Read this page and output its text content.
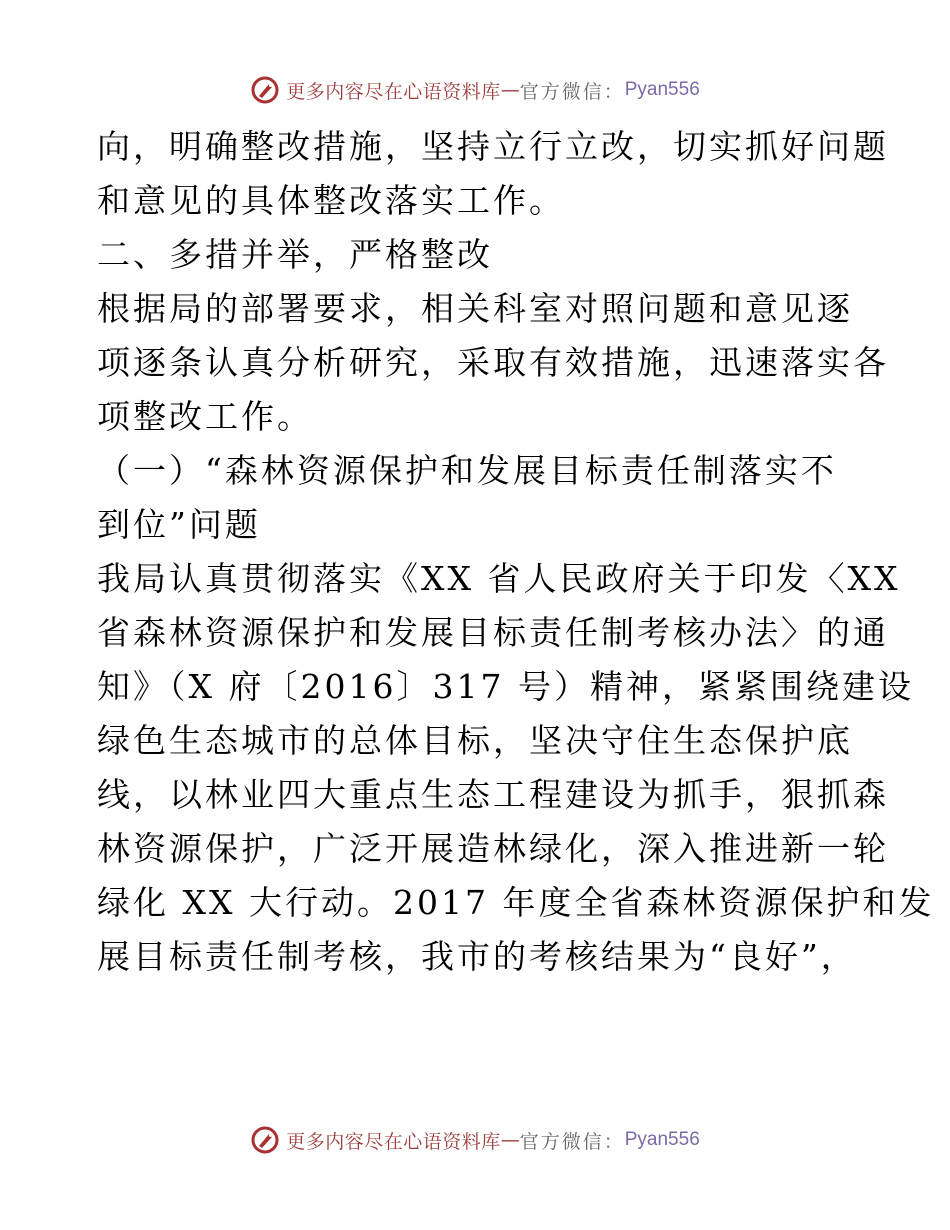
更多内容尽在心语资料库 — 官方微信： Pyan556
向，明确整改措施，坚持立行立改，切实抓好问题
和意见的具体整改落实工作。
二、多措并举，严格整改
根据局的部署要求，相关科室对照问题和意见逐
项逐条认真分析研究，采取有效措施，迅速落实各
项整改工作。
（一）“森林资源保护和发展目标责任制落实不
到位”问题
我局认真贯彻落实《XX 省人民政府关于印发〈XX
省森林资源保护和发展目标责任制考核办法〉的通
知》（X 府〔2016〕317 号）精神，紧紧围绕建设
绿色生态城市的总体目标，坚决守住生态保护底
线，以林业四大重点生态工程建设为抓手，狠抓森
林资源保护，广泛开展造林绿化，深入推进新一轮
绿化 XX 大行动。2017 年度全省森林资源保护和发
展目标责任制考核，我市的考核结果为“良好”，
更多内容尽在心语资料库 — 官方微信： Pyan556
